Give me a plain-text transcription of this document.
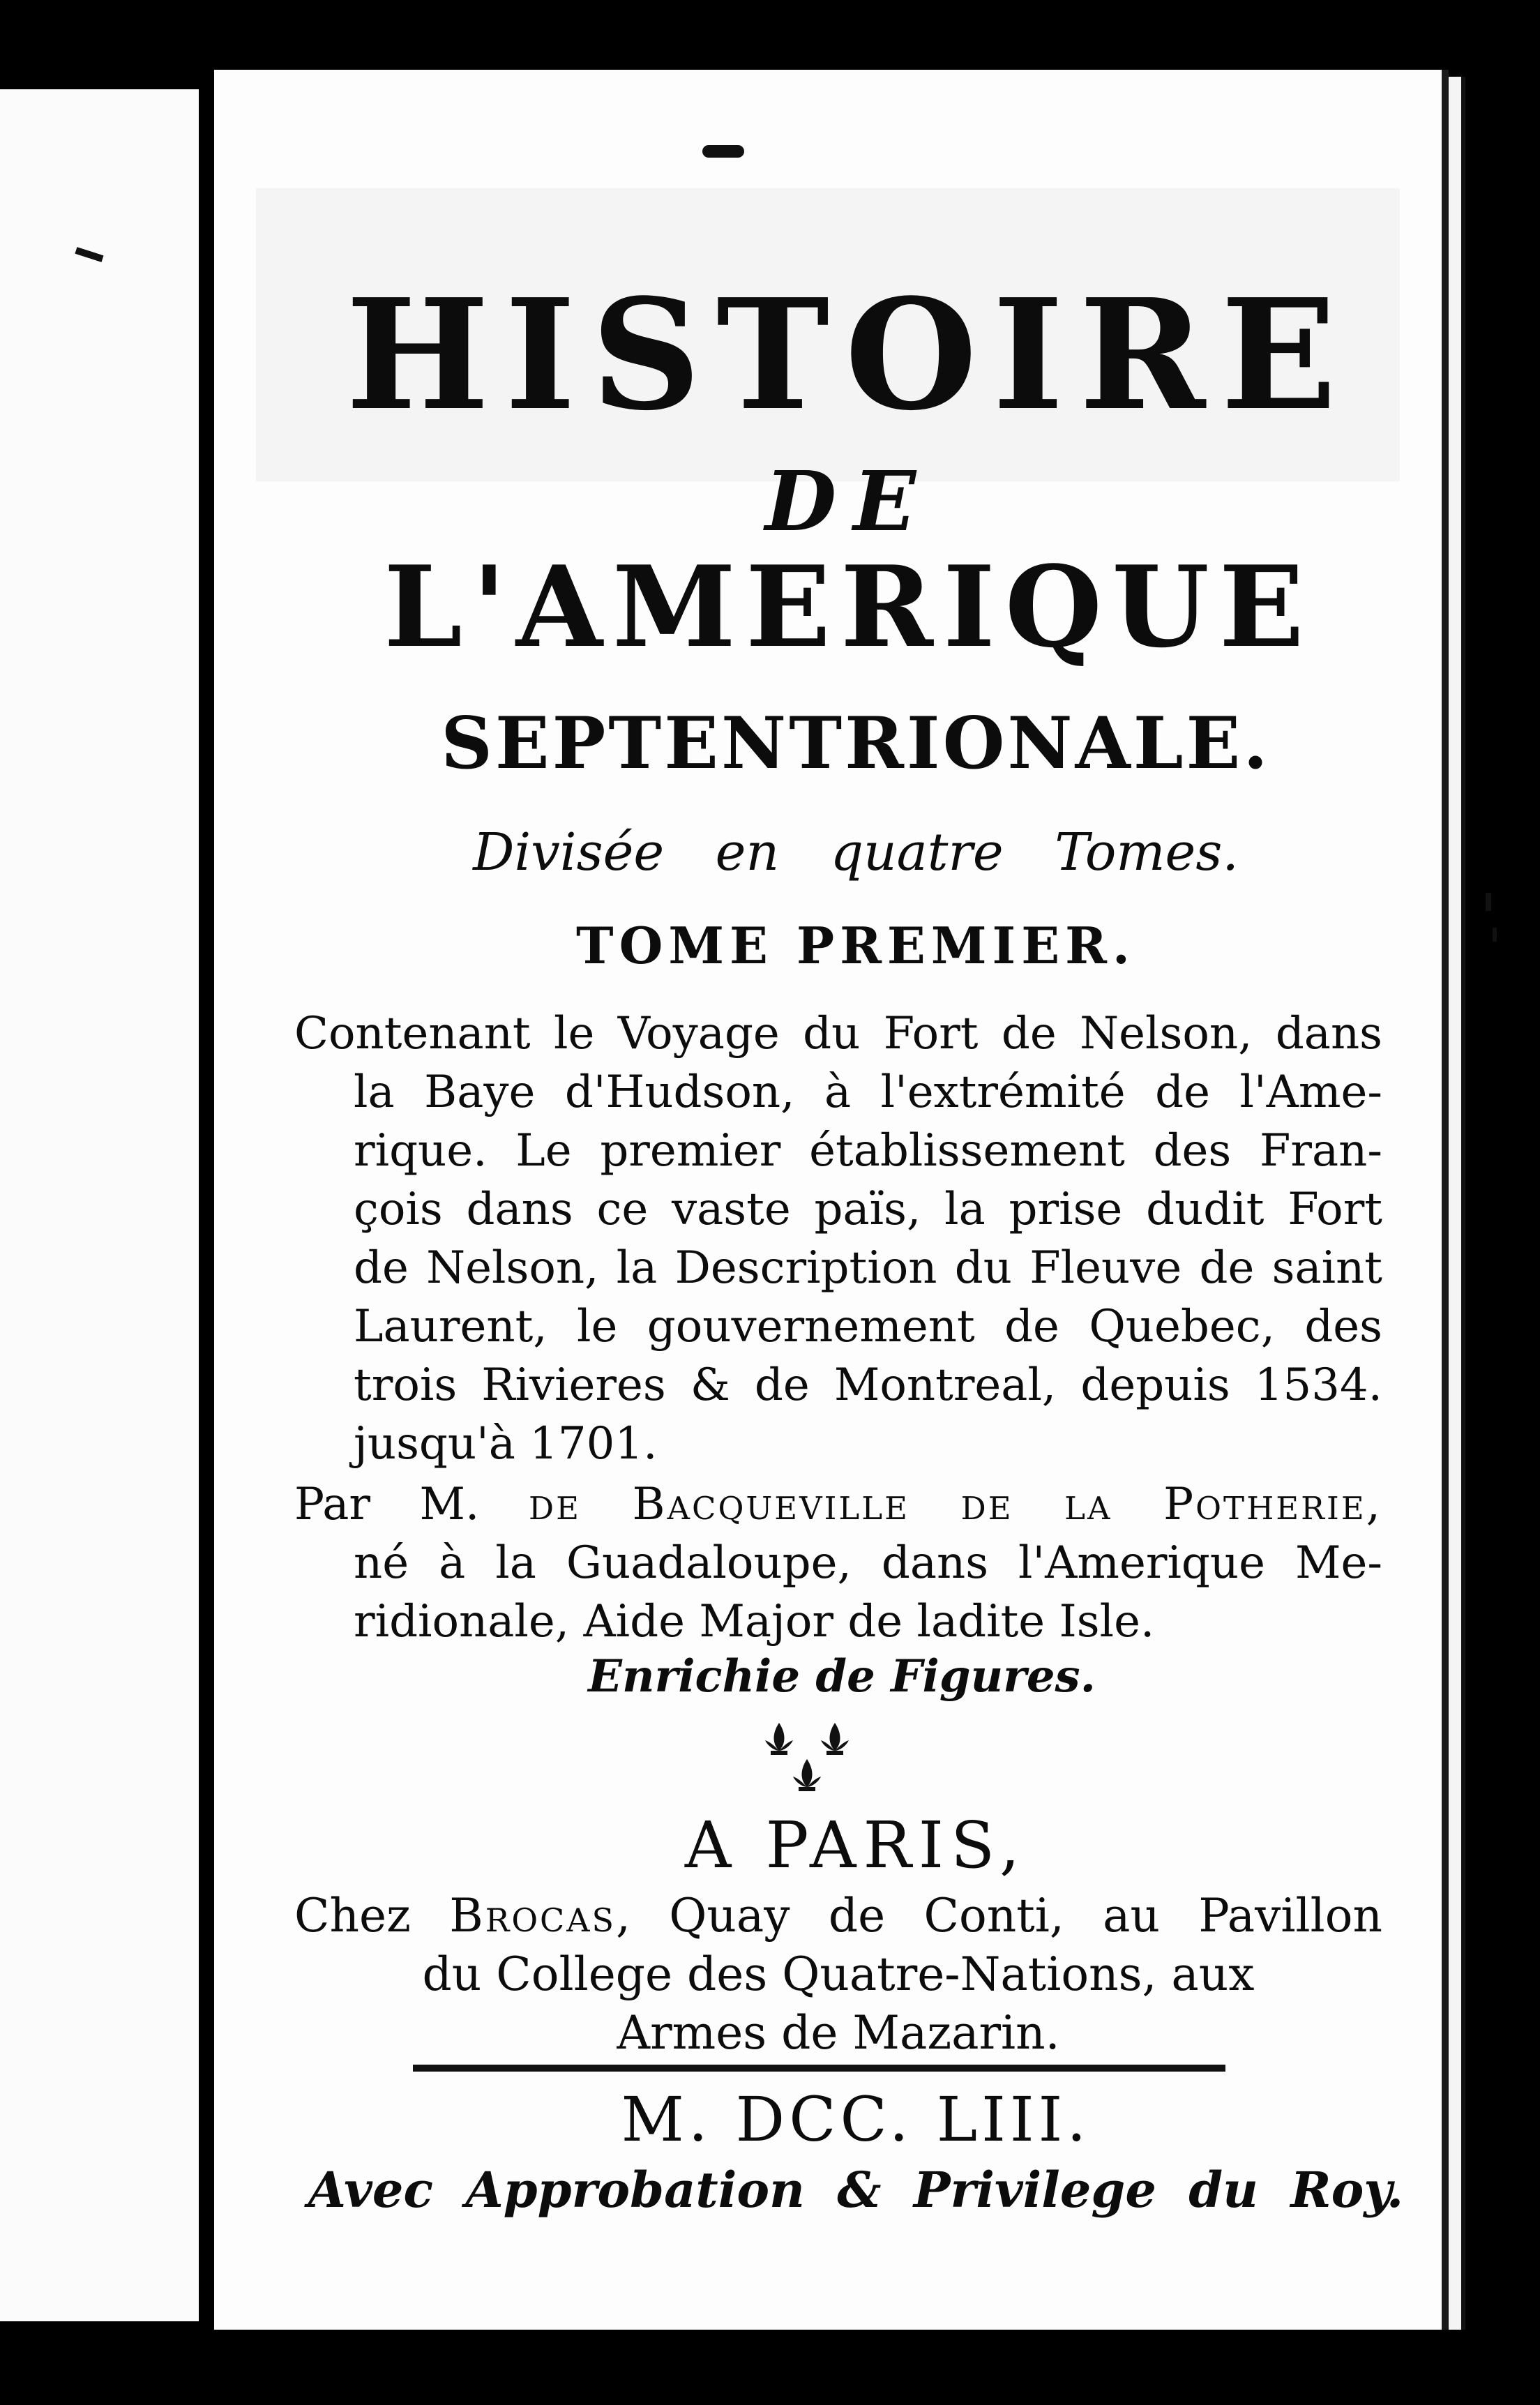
HISTOIRE

DE

L'AMERIQUE

SEPTENTRIONALE.

Divisée en quatre Tomes.

TOME PREMIER.

Contenant le Voyage du Fort de Nelson, dans
la Baye d'Hudson, à l'extrémité de l'Ame-
rique. Le premier établissement des Fran-
çois dans ce vaste païs, la prise dudit Fort
de Nelson, la Description du Fleuve de saint
Laurent, le gouvernement de Quebec, des
trois Rivieres & de Montreal, depuis 1534.
jusqu'à 1701.
Par M. de Bacqueville de la Potherie,
né à la Guadaloupe, dans l'Amerique Me-
ridionale, Aide Major de ladite Isle.

Enrichie de Figures.

A PARIS,

Chez Brocas, Quay de Conti, au Pavillon
du College des Quatre-Nations, aux
Armes de Mazarin.

M. DCC. LIII.

Avec Approbation & Privilege du Roy.
